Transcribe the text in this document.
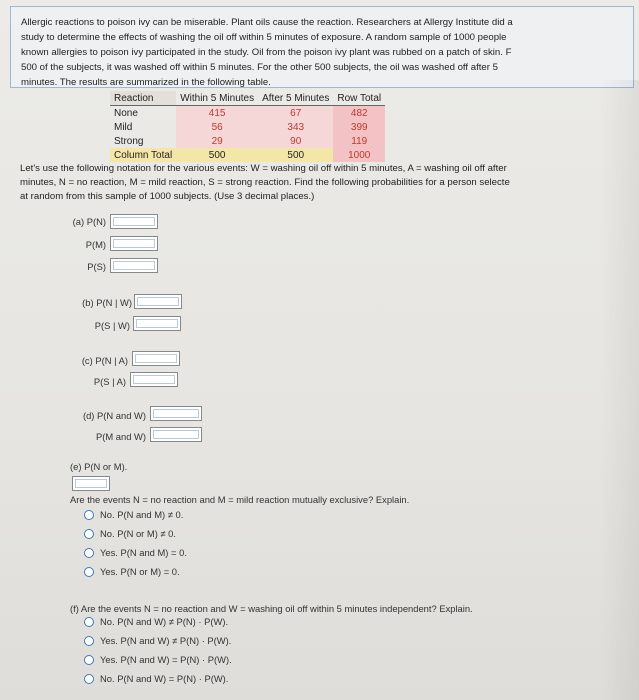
Allergic reactions to poison ivy can be miserable. Plant oils cause the reaction. Researchers at Allergy Institute did a
study to determine the effects of washing the oil off within 5 minutes of exposure. A random sample of 1000 people
known allergies to poison ivy participated in the study. Oil from the poison ivy plant was rubbed on a patch of skin. F
500 of the subjects, it was washed off within 5 minutes. For the other 500 subjects, the oil was washed off after 5
minutes. The results are summarized in the following table.

Reaction	Within 5 Minutes	After 5 Minutes	Row Total
None	415	67	482
Mild	56	343	399
Strong	29	90	119
Column Total	500	500	1000
Let's use the following notation for the various events: W = washing oil off within 5 minutes, A = washing oil off after
minutes, N = no reaction, M = mild reaction, S = strong reaction. Find the following probabilities for a person selecte
at random from this sample of 1000 subjects. (Use 3 decimal places.)
(a) P(N)
P(M)
P(S)
(b) P(N | W)
P(S | W)
(c) P(N | A)
P(S | A)
(d) P(N and W)
P(M and W)
(e) P(N or M).
Are the events N = no reaction and M = mild reaction mutually exclusive? Explain.
No. P(N and M) ≠ 0.
No. P(N or M) ≠ 0.
Yes. P(N and M) = 0.
Yes. P(N or M) = 0.
(f) Are the events N = no reaction and W = washing oil off within 5 minutes independent? Explain.
No. P(N and W) ≠ P(N) · P(W).
Yes. P(N and W) ≠ P(N) · P(W).
Yes. P(N and W) = P(N) · P(W).
No. P(N and W) = P(N) · P(W).
